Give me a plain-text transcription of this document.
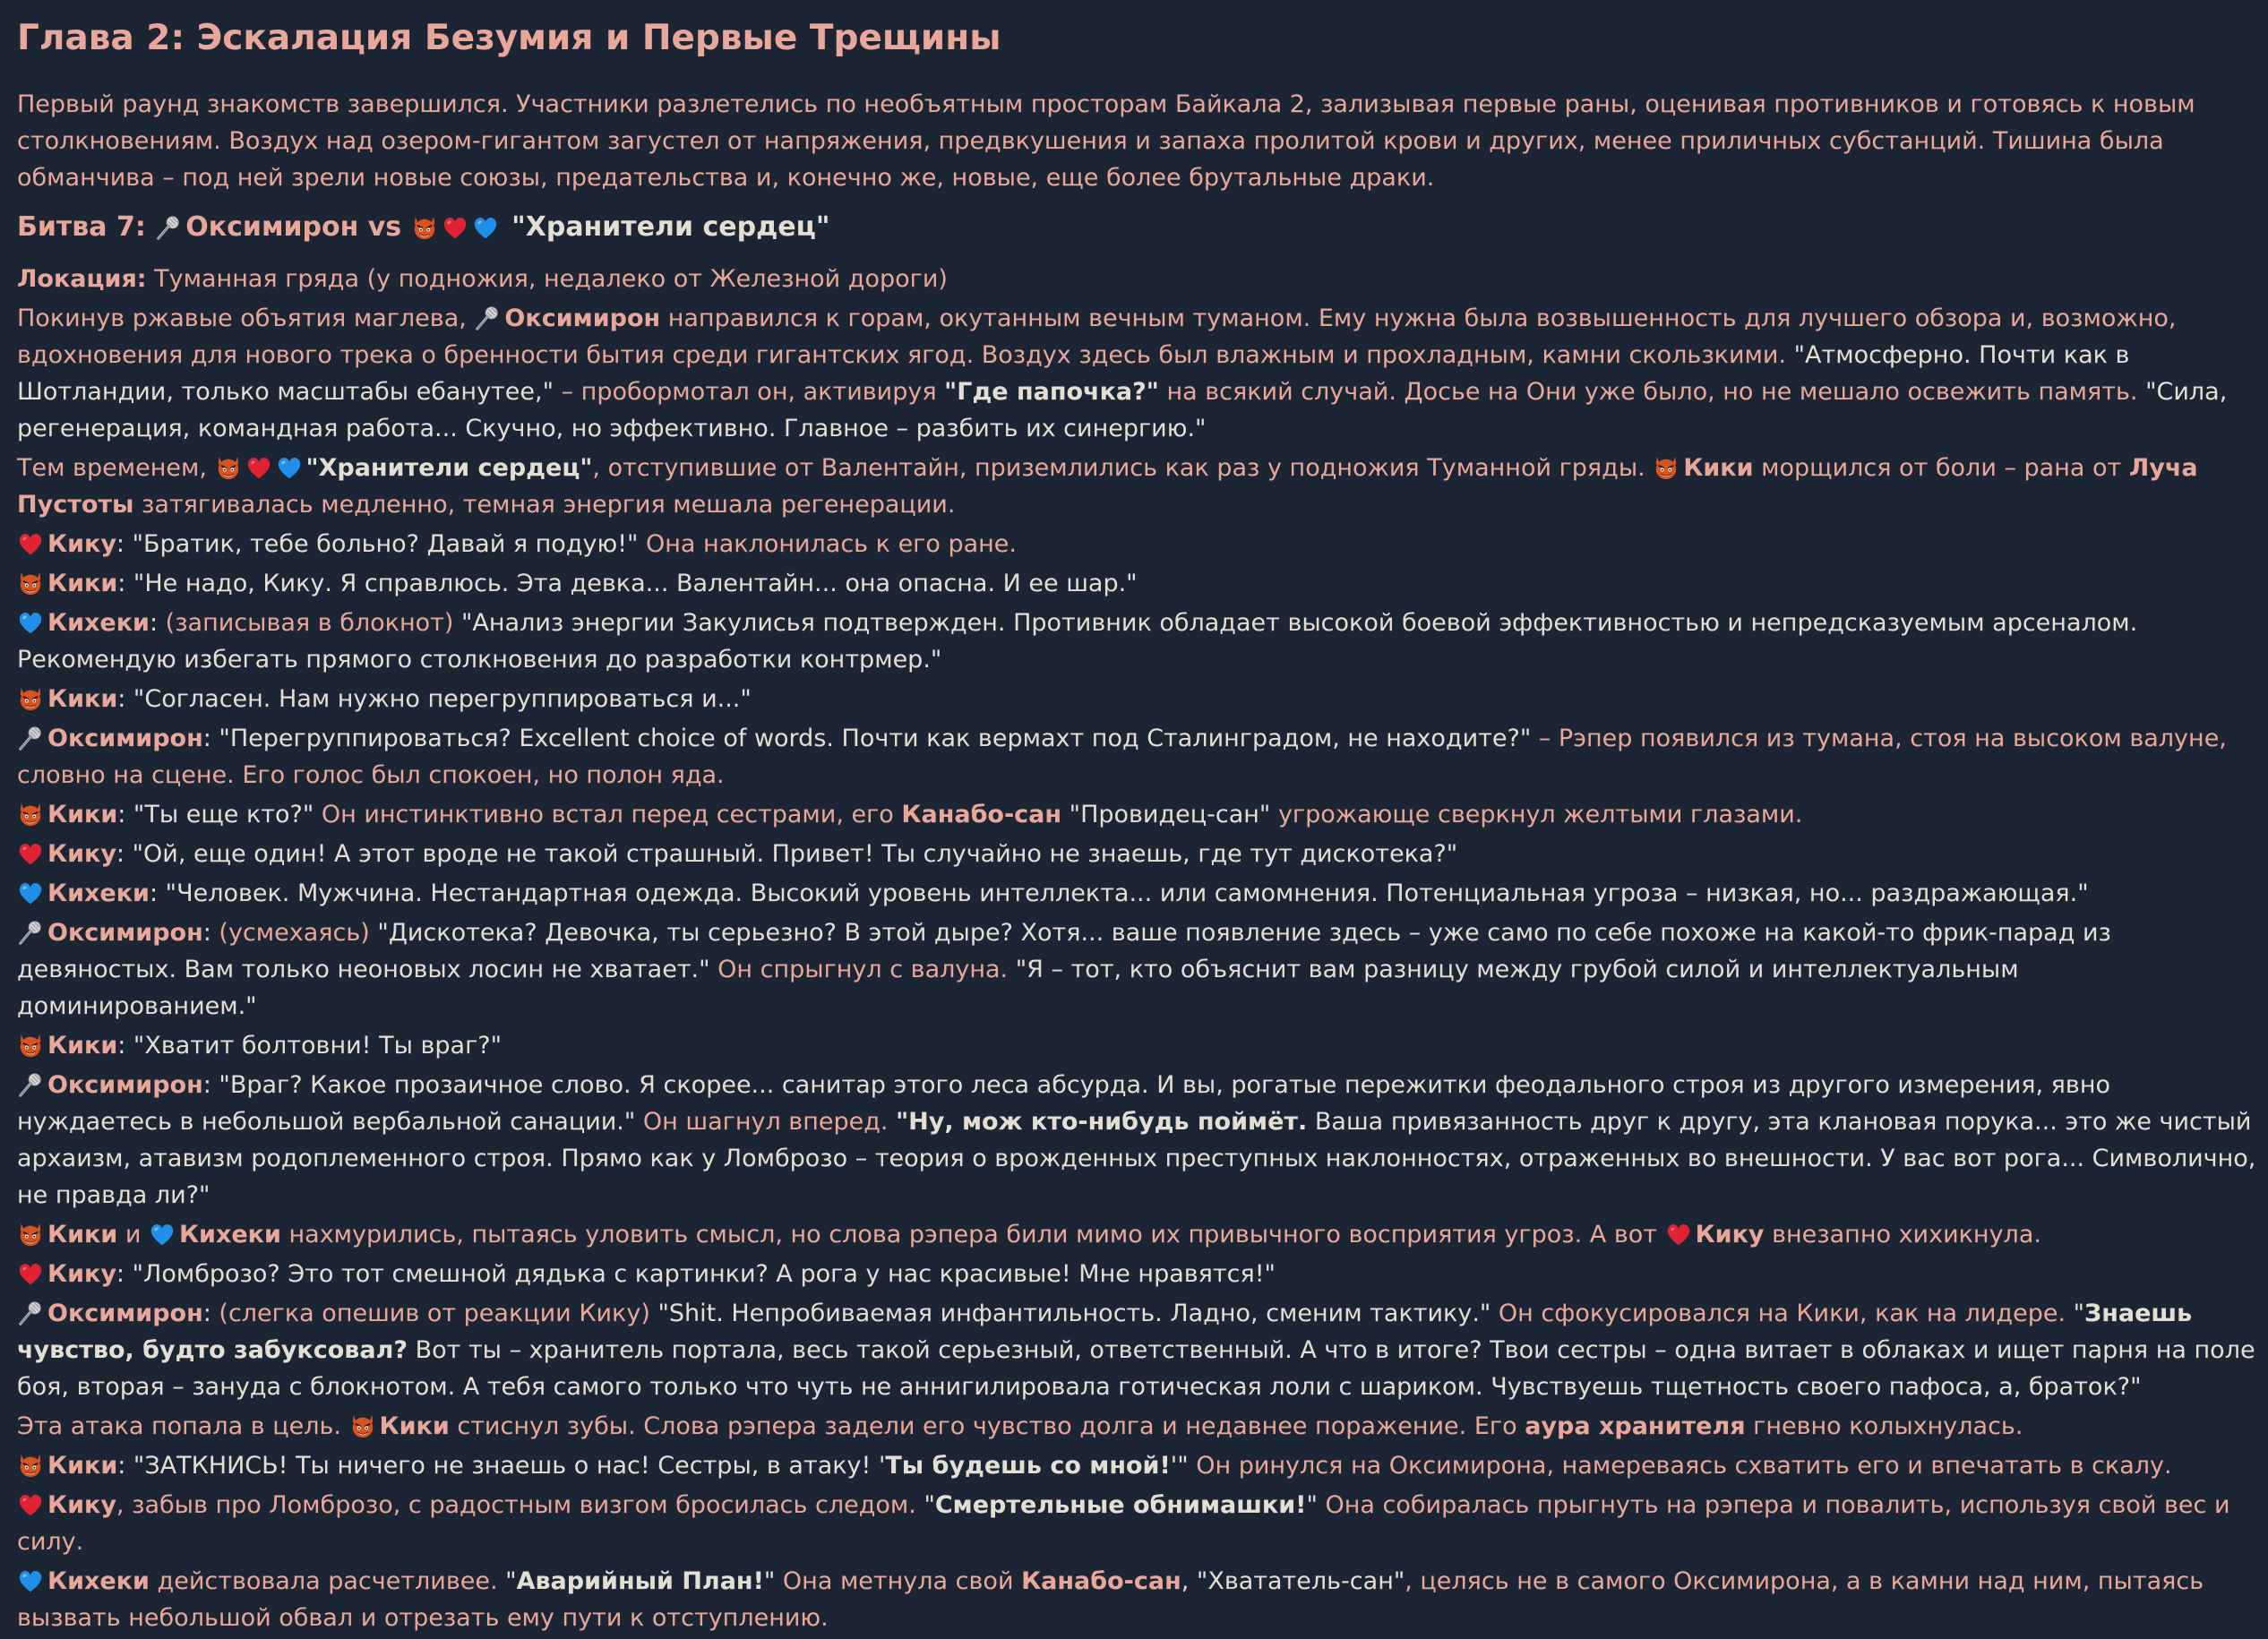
Глава 2: Эскалация Безумия и Первые Трещины

Первый раунд знакомств завершился. Участники разлетелись по необъятным просторам Байкала 2, зализывая первые раны, оценивая противников и готовясь к новым столкновениям. Воздух над озером-гигантом загустел от напряжения, предвкушения и запаха пролитой крови и других, менее приличных субстанций. Тишина была обманчива – под ней зрели новые союзы, предательства и, конечно же, новые, еще более брутальные драки.

Битва 7: Оксимирон vs	"Хранители сердец"

Локация: Туманная гряда (у подножия, недалеко от Железной дороги)

Покинув ржавые объятия маглева,
Оксимирон направился к горам, окутанным вечным туманом. Ему нужна была возвышенность для лучшего обзора и, возможно, вдохновения для нового трека о бренности бытия среди гигантских ягод. Воздух здесь был влажным и прохладным, камни скользкими. "Атмосферно. Почти как в Шотландии, только масштабы ебанутее," – пробормотал он, активируя "Где папочка?" на всякий случай. Досье на Они уже было, но не мешало освежить память. "Сила, регенерация, командная работа... Скучно, но эффективно. Главное – разбить их синергию."

Тем временем,	"Хранители сердец", отступившие от Валентайн, приземлились как раз у подножия Туманной гряды.
Кики морщился от боли – рана от Луча Пустоты затягивалась медленно, темная энергия мешала регенерации.

Кику: "Братик, тебе больно? Давай я подую!" Она наклонилась к его ране.

Кики: "Не надо, Кику. Я справлюсь. Эта девка... Валентайн... она опасна. И ее шар."

Кихеки: (записывая в блокнот) "Анализ энергии Закулисья подтвержден. Противник обладает высокой боевой эффективностью и непредсказуемым арсеналом. Рекомендую избегать прямого столкновения до разработки контрмер."

Кики: "Согласен. Нам нужно перегруппироваться и..."

Оксимирон: "Перегруппироваться? Excellent choice of words. Почти как вермахт под Сталинградом, не находите?" – Рэпер появился из тумана, стоя на высоком валуне, словно на сцене. Его голос был спокоен, но полон яда.

Кики: "Ты еще кто?" Он инстинктивно встал перед сестрами, его Канабо-сан "Провидец-сан" угрожающе сверкнул желтыми глазами.

Кику: "Ой, еще один! А этот вроде не такой страшный. Привет! Ты случайно не знаешь, где тут дискотека?"

Кихеки: "Человек. Мужчина. Нестандартная одежда. Высокий уровень интеллекта... или самомнения. Потенциальная угроза – низкая, но... раздражающая."

Оксимирон: (усмехаясь) "Дискотека? Девочка, ты серьезно? В этой дыре? Хотя... ваше появление здесь – уже само по себе похоже на какой-то фрик-парад из девяностых. Вам только неоновых лосин не хватает." Он спрыгнул с валуна. "Я – тот, кто объяснит вам разницу между грубой силой и интеллектуальным доминированием."

Кики: "Хватит болтовни! Ты враг?"

Оксимирон: "Враг? Какое прозаичное слово. Я скорее... санитар этого леса абсурда. И вы, рогатые пережитки феодального строя из другого измерения, явно нуждаетесь в небольшой вербальной санации." Он шагнул вперед. "Ну, мож кто-нибудь поймёт. Ваша привязанность друг к другу, эта клановая порука... это же чистый архаизм, атавизм родоплеменного строя. Прямо как у Ломброзо – теория о врожденных преступных наклонностях, отраженных во внешности. У вас вот рога... Символично, не правда ли?"

Кики и
Кихеки нахмурились, пытаясь уловить смысл, но слова рэпера били мимо их привычного восприятия угроз. А вот
Кику внезапно хихикнула.

Кику: "Ломброзо? Это тот смешной дядька с картинки? А рога у нас красивые! Мне нравятся!"

Оксимирон: (слегка опешив от реакции Кику) "Shit. Непробиваемая инфантильность. Ладно, сменим тактику." Он сфокусировался на Кики, как на лидере. "Знаешь чувство, будто забуксовал? Вот ты – хранитель портала, весь такой серьезный, ответственный. А что в итоге? Твои сестры – одна витает в облаках и ищет парня на поле боя, вторая – зануда с блокнотом. А тебя самого только что чуть не аннигилировала готическая лоли с шариком. Чувствуешь тщетность своего пафоса, а, браток?"

Эта атака попала в цель.
Кики стиснул зубы. Слова рэпера задели его чувство долга и недавнее поражение. Его аура хранителя гневно колыхнулась.

Кики: "ЗАТКНИСЬ! Ты ничего не знаешь о нас! Сестры, в атаку! 'Ты будешь со мной!'" Он ринулся на Оксимирона, намереваясь схватить его и впечатать в скалу.

Кику, забыв про Ломброзо, с радостным визгом бросилась следом. "Смертельные обнимашки!" Она собиралась прыгнуть на рэпера и повалить, используя свой вес и силу.

Кихеки действовала расчетливее. "Аварийный План!" Она метнула свой Канабо-сан, "Хвататель-сан", целясь не в самого Оксимирона, а в камни над ним, пытаясь вызвать небольшой обвал и отрезать ему пути к отступлению.
